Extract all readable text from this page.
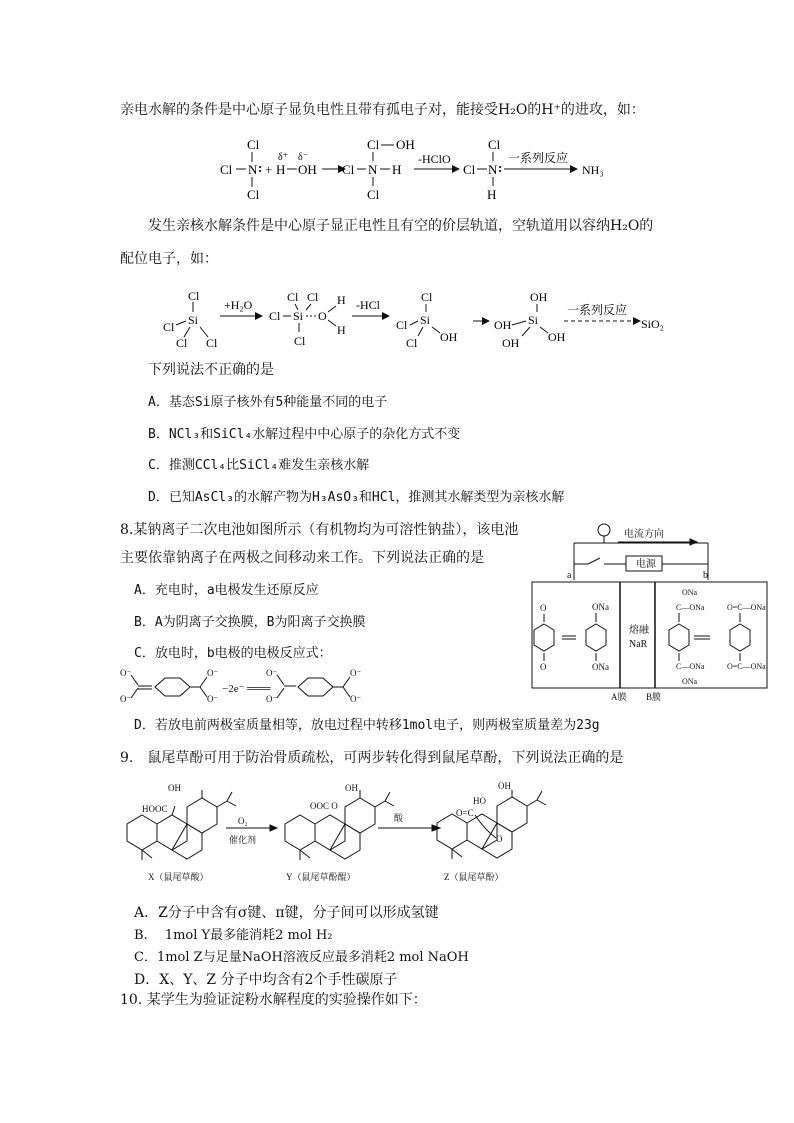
亲电水解的条件是中心原子显负电性且带有孤电子对，能接受H₂O的H⁺的进攻，如：
Cl
Cl N :
Cl
+
δ⁺ δ⁻
H OH
Cl OH
Cl N H
Cl
-HClO
Cl
Cl N :
H
一系列反应
NH₃
发生亲核水解条件是中心原子显正电性且有空的价层轨道，空轨道用以容纳H₂O的
配位电子，如：
Cl
Si
Cl
Cl Cl
+H₂O
Cl Cl
Cl Si O
H
H
Cl
-HCl
Cl
Cl Si
OH
Cl
OH
OH Si
OH
OH
一系列反应
SiO₂
下列说法不正确的是
A．基态Si原子核外有5种能量不同的电子
B．NCl₃和SiCl₄水解过程中中心原子的杂化方式不变
C．推测CCl₄比SiCl₄难发生亲核水解
D．已知AsCl₃的水解产物为H₃AsO₃和HCl，推测其水解类型为亲核水解
8.某钠离子二次电池如图所示（有机物均为可溶性钠盐），该电池
主要依靠钠离子在两极之间移动来工作。下列说法正确的是
A．充电时，a电极发生还原反应
B．A为阴离子交换膜，B为阳离子交换膜
C．放电时，b电极的电极反应式：
O⁻
O⁻
O⁻
O⁻
−2e⁻ ═══
O⁻
O⁻
O⁻
O⁻
D．若放电前两极室质量相等，放电过程中转移1mol电子，则两极室质量差为23g
电流方向
电源
a	b
熔融
NaR
A膜 B膜
O
O
ONa
ONa
ONa
C—ONa
C—ONa
ONa
O=C—ONa
O=C—ONa
9.　鼠尾草酚可用于防治骨质疏松，可两步转化得到鼠尾草酚，下列说法正确的是
OH
HOOC
X（鼠尾草酸）
O₂
催化剂
OH
OOC O
Y（鼠尾草酚醌）
酸
OH
HO
O=C
O
Z（鼠尾草酚）
A．Z分子中含有σ键、π键，分子间可以形成氢键
B.　 1mol Y最多能消耗2 mol H₂
C．1mol Z与足量NaOH溶液反应最多消耗2 mol NaOH
D．X、Y、Z 分子中均含有2个手性碳原子
10. 某学生为验证淀粉水解程度的实验操作如下：
